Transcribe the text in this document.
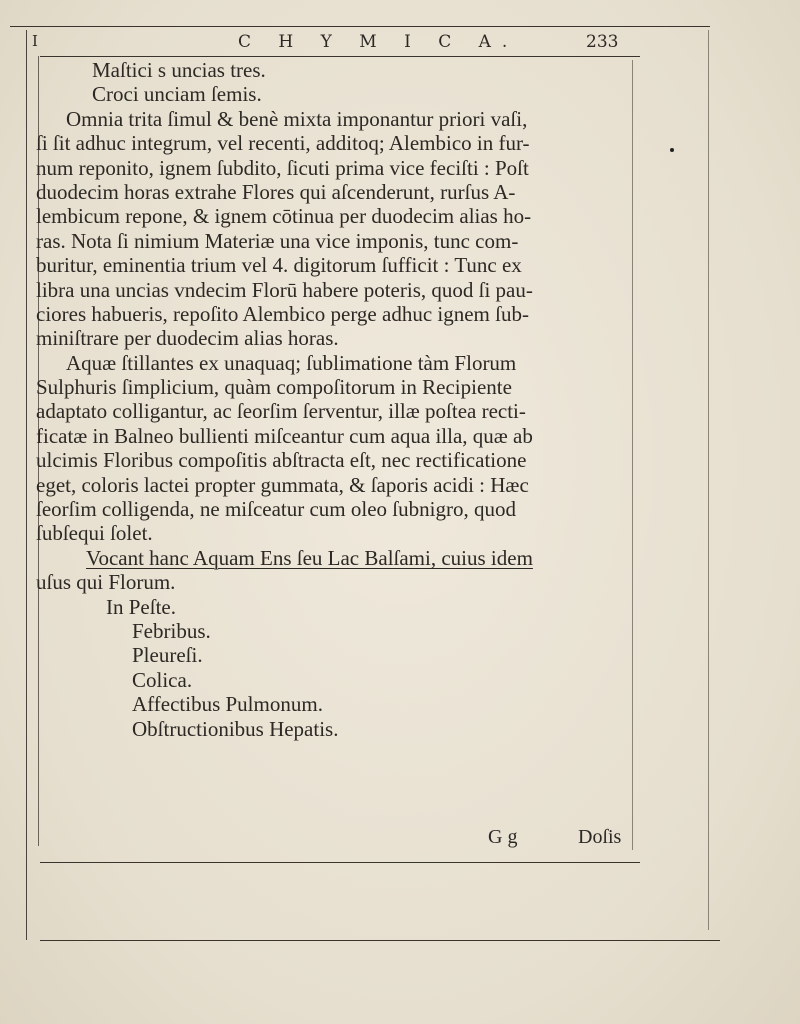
I	C H Y M I C A.	233
Maſtici s uncias tres.
Croci unciam ſemis.
Omnia trita ſimul & benè mixta imponantur priori vaſi,
ſi ſit adhuc integrum, vel recenti, additoq; Alembico in fur-
num reponito, ignem ſubdito, ſicuti prima vice feciſti : Poſt
duodecim horas extrahe Flores qui aſcenderunt, rurſus A-
lembicum repone, & ignem cōtinua per duodecim alias ho-
ras. Nota ſi nimium Materiæ una vice imponis, tunc com-
buritur, eminentia trium vel 4. digitorum ſufficit : Tunc ex
libra una uncias vndecim Florū habere poteris, quod ſi pau-
ciores habueris, repoſito Alembico perge adhuc ignem ſub-
miniſtrare per duodecim alias horas.
Aquæ ſtillantes ex unaquaq; ſublimatione tàm Florum
Sulphuris ſimplicium, quàm compoſitorum in Recipiente
adaptato colligantur, ac ſeorſim ſerventur, illæ poſtea recti-
ficatæ in Balneo bullienti miſceantur cum aqua illa, quæ ab
ulcimis Floribus compoſitis abſtracta eſt, nec rectificatione
eget, coloris lactei propter gummata, & ſaporis acidi : Hæc
ſeorſim colligenda, ne miſceatur cum oleo ſubnigro, quod
ſubſequi ſolet.
Vocant hanc Aquam Ens ſeu Lac Balſami, cuius idem
uſus qui Florum.
In Peſte.
Febribus.
Pleureſi.
Colica.
Affectibus Pulmonum.
Obſtructionibus Hepatis.
G g	Doſis
